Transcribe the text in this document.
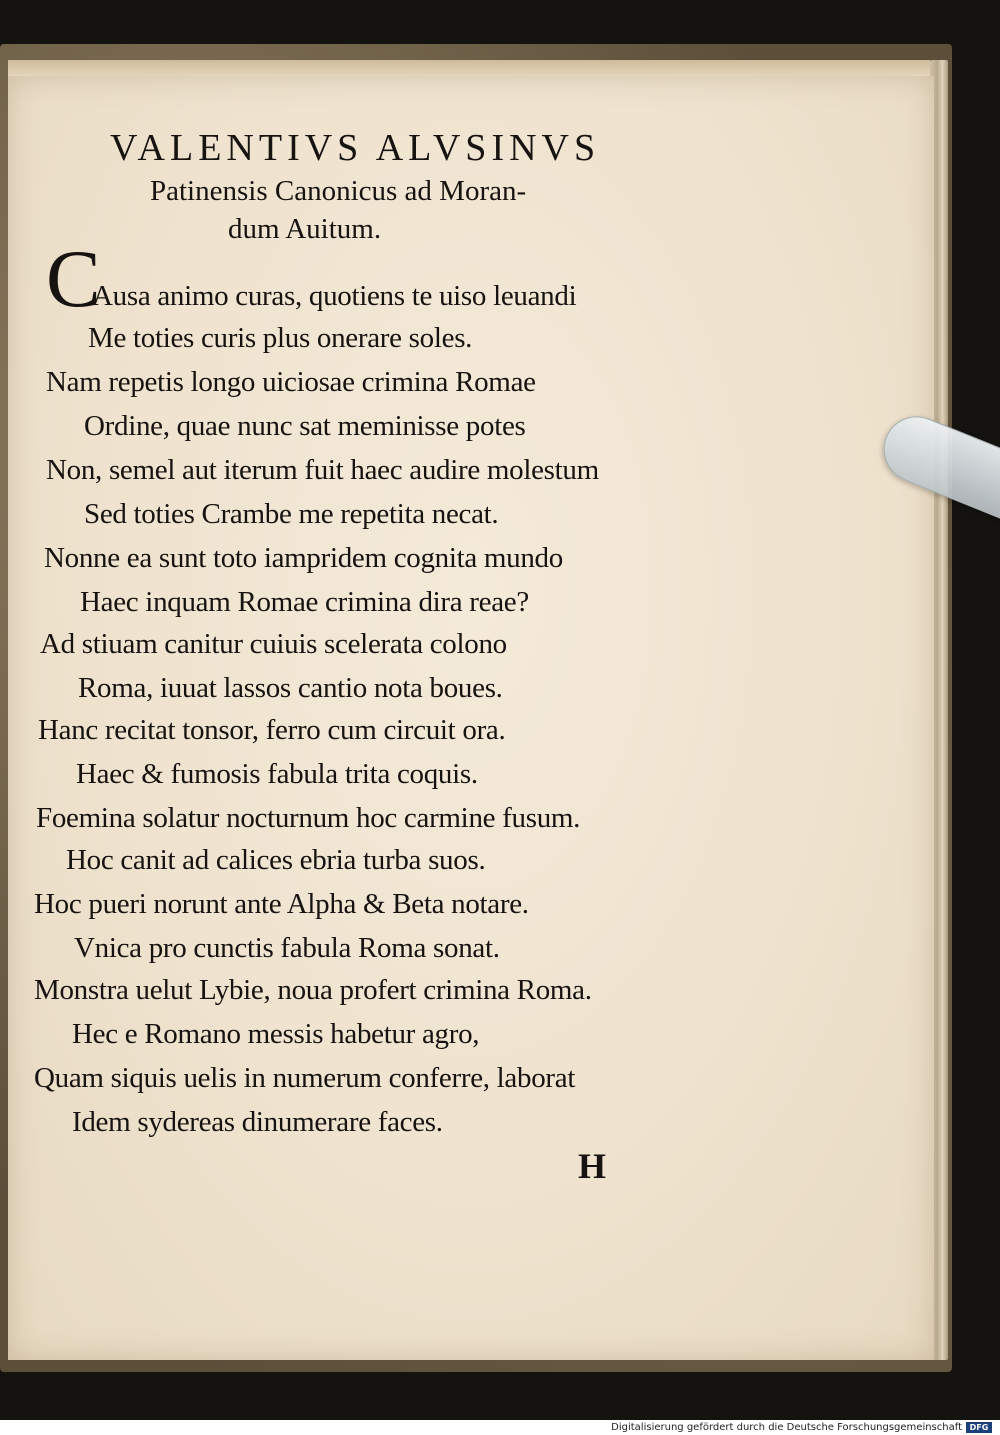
VALENTIVS ALVSINVS
Patinensis Canonicus ad Moran-
dum Auitum.
C
Ausa animo curas, quotiens te uiso leuandi
Me toties curis plus onerare soles.
Nam repetis longo uiciosae crimina Romae
Ordine, quae nunc sat meminisse potes
Non, semel aut iterum fuit haec audire molestum
Sed toties Crambe me repetita necat.
Nonne ea sunt toto iampridem cognita mundo
Haec inquam Romae crimina dira reae?
Ad stiuam canitur cuiuis scelerata colono
Roma, iuuat lassos cantio nota boues.
Hanc recitat tonsor, ferro cum circuit ora.
Haec & fumosis fabula trita coquis.
Foemina solatur nocturnum hoc carmine fusum.
Hoc canit ad calices ebria turba suos.
Hoc pueri norunt ante Alpha & Beta notare.
Vnica pro cunctis fabula Roma sonat.
Monstra uelut Lybie, noua profert crimina Roma.
Hec e Romano messis habetur agro,
Quam siquis uelis in numerum conferre, laborat
Idem sydereas dinumerare faces.
H
Digitalisierung gefördert durch die Deutsche Forschungsgemeinschaft DFG
